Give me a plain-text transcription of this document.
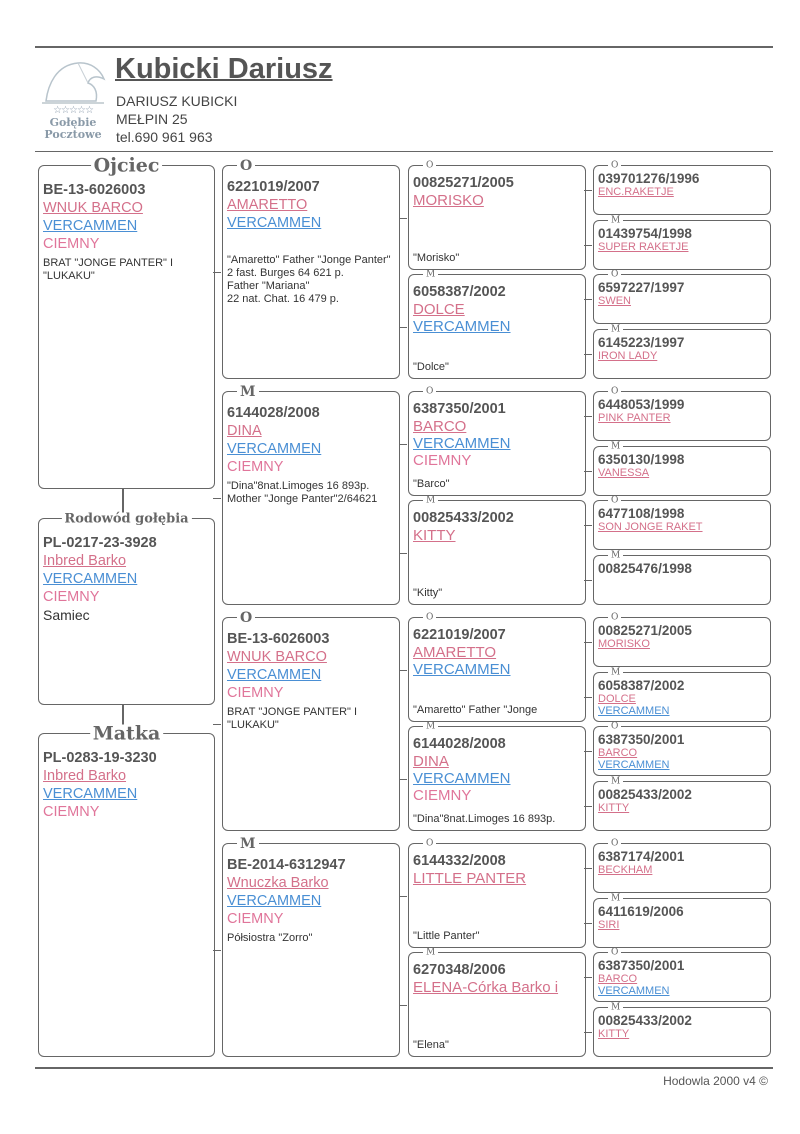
☆☆☆☆☆
Gołębie
Pocztowe
Kubicki Dariusz
DARIUSZ KUBICKI
MEŁPIN 25
tel.690 961 963
Ojciec
BE-13-6026003
WNUK BARCO
VERCAMMEN
CIEMNY
BRAT "JONGE PANTER" I "LUKAKU"
Rodowód gołębia
PL-0217-23-3928
Inbred Barko
VERCAMMEN
CIEMNY
Samiec
Matka
PL-0283-19-3230
Inbred Barko
VERCAMMEN
CIEMNY
O
6221019/2007
AMARETTO
VERCAMMEN
"Amaretto" Father "Jonge Panter"
2 fast. Burges 64 621 p.
Father "Mariana"
22 nat. Chat. 16 479 p.
M
6144028/2008
DINA
VERCAMMEN
CIEMNY
"Dina"8nat.Limoges 16 893p.
Mother "Jonge Panter"2/64621
O
BE-13-6026003
WNUK BARCO
VERCAMMEN
CIEMNY
BRAT "JONGE PANTER" I "LUKAKU"
M
BE-2014-6312947
Wnuczka Barko
VERCAMMEN
CIEMNY
Półsiostra "Zorro"
O
00825271/2005
MORISKO
"Morisko"
M
6058387/2002
DOLCE
VERCAMMEN
"Dolce"
O
6387350/2001
BARCO
VERCAMMEN
CIEMNY
"Barco"
M
00825433/2002
KITTY
"Kitty"
O
6221019/2007
AMARETTO
VERCAMMEN
"Amaretto" Father "Jonge
M
6144028/2008
DINA
VERCAMMEN
CIEMNY
"Dina"8nat.Limoges 16 893p.
O
6144332/2008
LITTLE PANTER
"Little Panter"
M
6270348/2006
ELENA-Córka Barko i
"Elena"
O
039701276/1996
ENC.RAKETJE
M
01439754/1998
SUPER RAKETJE
O
6597227/1997
SWEN
M
6145223/1997
IRON LADY
O
6448053/1999
PINK PANTER
M
6350130/1998
VANESSA
O
6477108/1998
SON JONGE RAKET
M
00825476/1998
O
00825271/2005
MORISKO
M
6058387/2002
DOLCE
VERCAMMEN
O
6387350/2001
BARCO
VERCAMMEN
M
00825433/2002
KITTY
O
6387174/2001
BECKHAM
M
6411619/2006
SIRI
O
6387350/2001
BARCO
VERCAMMEN
M
00825433/2002
KITTY
Hodowla 2000 v4 ©
